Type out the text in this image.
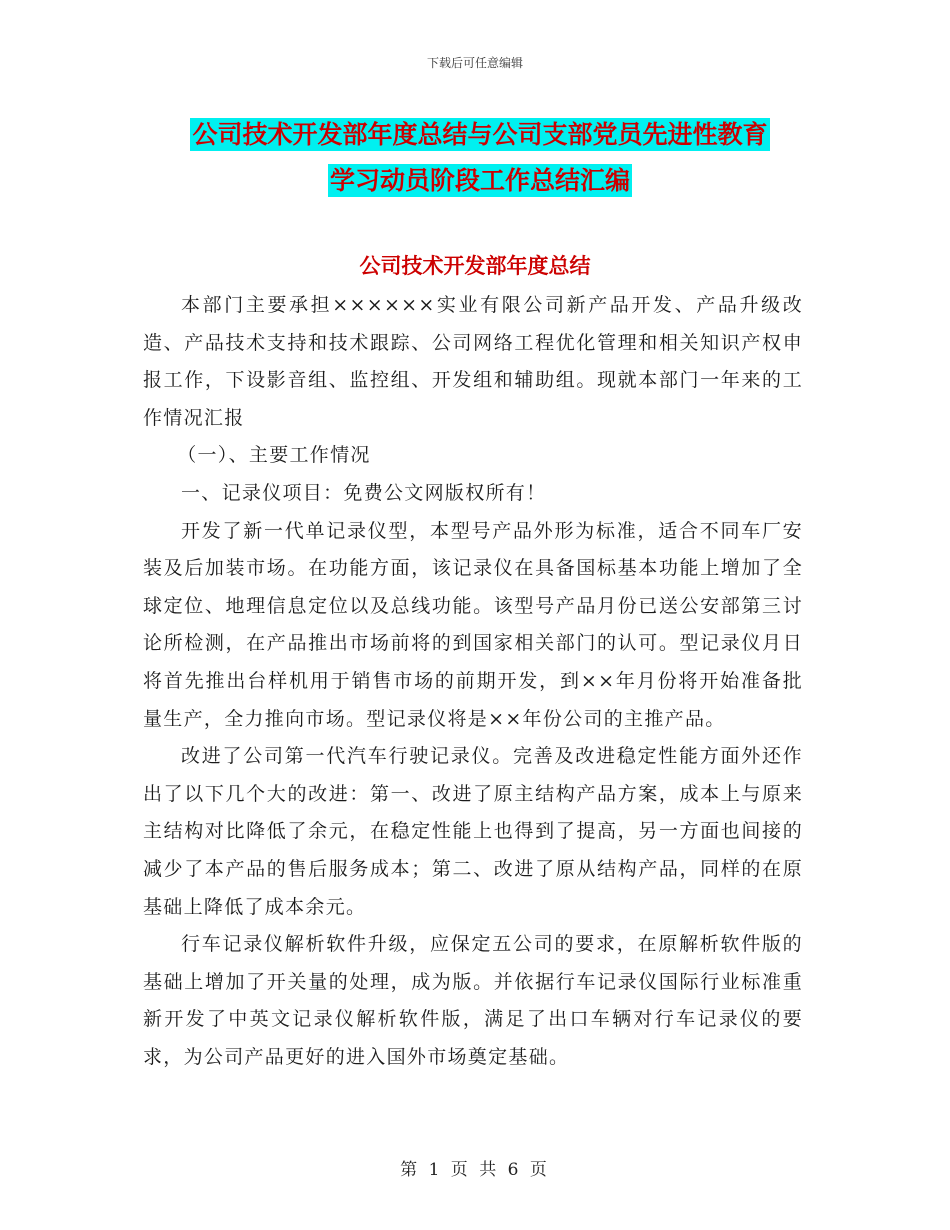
下载后可任意编辑
公司技术开发部年度总结与公司支部党员先进性教育
学习动员阶段工作总结汇编
公司技术开发部年度总结

本部门主要承担××××××实业有限公司新产品开发、产品升级改造、产品技术支持和技术跟踪、公司网络工程优化管理和相关知识产权申报工作，下设影音组、监控组、开发组和辅助组。现就本部门一年来的工作情况汇报

（一）、主要工作情况

一、记录仪项目：免费公文网版权所有！

开发了新一代单记录仪型，本型号产品外形为标准，适合不同车厂安装及后加装市场。在功能方面，该记录仪在具备国标基本功能上增加了全球定位、地理信息定位以及总线功能。该型号产品月份已送公安部第三讨论所检测，在产品推出市场前将的到国家相关部门的认可。型记录仪月日将首先推出台样机用于销售市场的前期开发，到××年月份将开始准备批量生产，全力推向市场。型记录仪将是××年份公司的主推产品。

改进了公司第一代汽车行驶记录仪。完善及改进稳定性能方面外还作出了以下几个大的改进：第一、改进了原主结构产品方案，成本上与原来主结构对比降低了余元，在稳定性能上也得到了提高，另一方面也间接的减少了本产品的售后服务成本；第二、改进了原从结构产品，同样的在原基础上降低了成本余元。

行车记录仪解析软件升级，应保定五公司的要求，在原解析软件版的基础上增加了开关量的处理，成为版。并依据行车记录仪国际行业标准重新开发了中英文记录仪解析软件版，满足了出口车辆对行车记录仪的要求，为公司产品更好的进入国外市场奠定基础。

第 1 页 共 6 页
